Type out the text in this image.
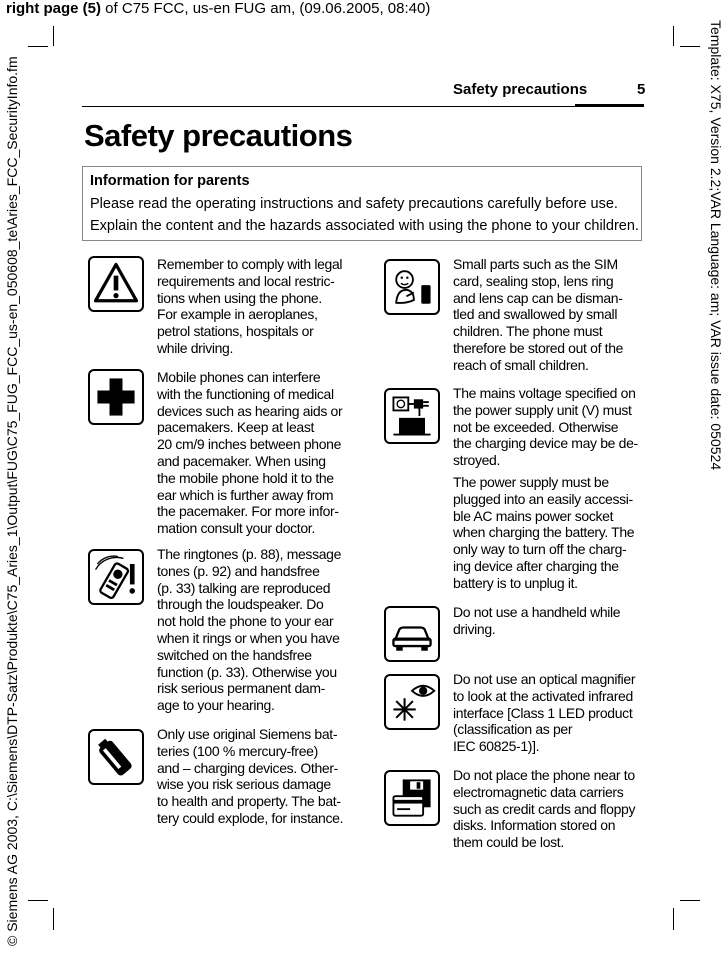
right page (5) of C75 FCC, us-en FUG am, (09.06.2005, 08:40)
© Siemens AG 2003, C:\Siemens\DTP-Satz\Produkte\C75_Aries_1\Output\FUG\C75_FUG_FCC_us-en_050608_te\Aries_FCC_SecurityInfo.fm	Template: X75, Version 2.2;VAR Language: am; VAR issue date: 050524
Safety precautions	5
Safety precautions
Information for parents
Please read the operating instructions and safety precautions carefully before use.
Explain the content and the hazards associated with using the phone to your children.
Remember to comply with legal
requirements and local restric-
tions when using the phone.
For example in aeroplanes,
petrol stations, hospitals or
while driving.
Mobile phones can interfere
with the functioning of medical
devices such as hearing aids or
pacemakers. Keep at least
20 cm/9 inches between phone
and pacemaker. When using
the mobile phone hold it to the
ear which is further away from
the pacemaker. For more infor-
mation consult your doctor.
The ringtones (p. 88), message
tones (p. 92) and handsfree
(p. 33) talking are reproduced
through the loudspeaker. Do
not hold the phone to your ear
when it rings or when you have
switched on the handsfree
function (p. 33). Otherwise you
risk serious permanent dam-
age to your hearing.
Only use original Siemens bat-
teries (100 % mercury-free)
and – charging devices. Other-
wise you risk serious damage
to health and property. The bat-
tery could explode, for instance.
Small parts such as the SIM
card, sealing stop, lens ring
and lens cap can be disman-
tled and swallowed by small
children. The phone must
therefore be stored out of the
reach of small children.
The mains voltage specified on
the power supply unit (V) must
not be exceeded. Otherwise
the charging device may be de-
stroyed.
The power supply must be
plugged into an easily accessi-
ble AC mains power socket
when charging the battery. The
only way to turn off the charg-
ing device after charging the
battery is to unplug it.
Do not use a handheld while
driving.
Do not use an optical magnifier
to look at the activated infrared
interface [Class 1 LED product
(classification as per
IEC 60825-1)].
Do not place the phone near to
electromagnetic data carriers
such as credit cards and floppy
disks. Information stored on
them could be lost.
